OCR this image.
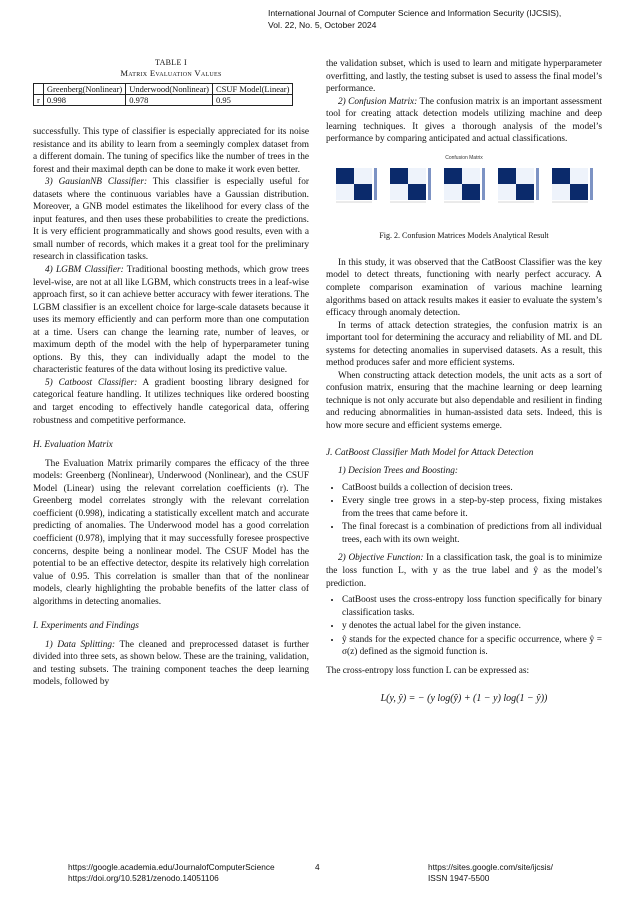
International Journal of Computer Science and Information Security (IJCSIS),
Vol. 22, No. 5, October 2024
TABLE I
Matrix Evaluation Values
	Greenberg(Nonlinear)	Underwood(Nonlinear)	CSUF Model(Linear)
r	0.998	0.978	0.95

successfully. This type of classifier is especially appreciated for its noise resistance and its ability to learn from a seemingly complex dataset from a different domain. The tuning of specifics like the number of trees in the forest and their maximal depth can be done to make it work even better.

3) GausianNB Classifier: This classifier is especially useful for datasets where the continuous variables have a Gaussian distribution. Moreover, a GNB model estimates the likelihood for every class of the input features, and then uses these probabilities to create the predictions. It is very efficient programmatically and shows good results, even with a small number of records, which makes it a great tool for the preliminary research in classification tasks.

4) LGBM Classifier: Traditional boosting methods, which grow trees level-wise, are not at all like LGBM, which constructs trees in a leaf-wise approach first, so it can achieve better accuracy with fewer iterations. The LGBM classifier is an excellent choice for large-scale datasets because it uses its memory efficiently and can perform more than one computation at a time. Users can change the learning rate, number of leaves, or maximum depth of the model with the help of hyperparameter tuning options. By this, they can individually adapt the model to the characteristic features of the data without losing its predictive value.

5) Catboost Classifier: A gradient boosting library designed for categorical feature handling. It utilizes techniques like ordered boosting and target encoding to effectively handle categorical data, offering robustness and competitive performance.

H. Evaluation Matrix

The Evaluation Matrix primarily compares the efficacy of the three models: Greenberg (Nonlinear), Underwood (Nonlinear), and the CSUF Model (Linear) using the relevant correlation coefficients (r). The Greenberg model correlates strongly with the relevant correlation coefficient (0.998), indicating a statistically excellent match and accurate predicting of anomalies. The Underwood model has a good correlation coefficient (0.978), implying that it may successfully foresee prospective concerns, despite being a nonlinear model. The CSUF Model has the potential to be an effective detector, despite its relatively high correlation value of 0.95. This correlation is smaller than that of the nonlinear models, clearly highlighting the probable benefits of the latter class of algorithms in detecting anomalies.

I. Experiments and Findings

1) Data Splitting: The cleaned and preprocessed dataset is further divided into three sets, as shown below. These are the training, validation, and testing subsets. The training component teaches the deep learning models, followed by

the validation subset, which is used to learn and mitigate hyperparameter overfitting, and lastly, the testing subset is used to assess the final model’s performance.

2) Confusion Matrix: The confusion matrix is an important assessment tool for creating attack detection models utilizing machine and deep learning techniques. It gives a thorough analysis of the model’s performance by comparing anticipated and actual classifications.

Confusion Matrix
Fig. 2. Confusion Matrices Models Analytical Result

In this study, it was observed that the CatBoost Classifier was the key model to detect threats, functioning with nearly perfect accuracy. A complete comparison examination of various machine learning algorithms based on attack results makes it easier to evaluate the system’s efficacy through anomaly detection.

In terms of attack detection strategies, the confusion matrix is an important tool for determining the accuracy and reliability of ML and DL systems for detecting anomalies in supervised datasets. As a result, this method produces safer and more efficient systems.

When constructing attack detection models, the unit acts as a sort of confusion matrix, ensuring that the machine learning or deep learning technique is not only accurate but also dependable and resilient in finding and reducing abnormalities in human-assisted data sets. Indeed, this is how more secure and efficient systems emerge.

J. CatBoost Classifier Math Model for Attack Detection
1) Decision Trees and Boosting:
• CatBoost builds a collection of decision trees.
• Every single tree grows in a step-by-step process, fixing mistakes from the trees that came before it.
• The final forecast is a combination of predictions from all individual trees, each with its own weight.

2) Objective Function: In a classification task, the goal is to minimize the loss function L, with y as the true label and ŷ as the model’s prediction.

• CatBoost uses the cross-entropy loss function specifically for binary classification tasks.
• y denotes the actual label for the given instance.
• ŷ stands for the expected chance for a specific occurrence, where ŷ = σ(z) defined as the sigmoid function is.

The cross-entropy loss function L can be expressed as:

L(y, ŷ) = − (y log(ŷ) + (1 − y) log(1 − ŷ))
https://google.academia.edu/JournalofComputerScience
https://doi.org/10.5281/zenodo.14051106
4	https://sites.google.com/site/ijcsis/
ISSN 1947-5500
